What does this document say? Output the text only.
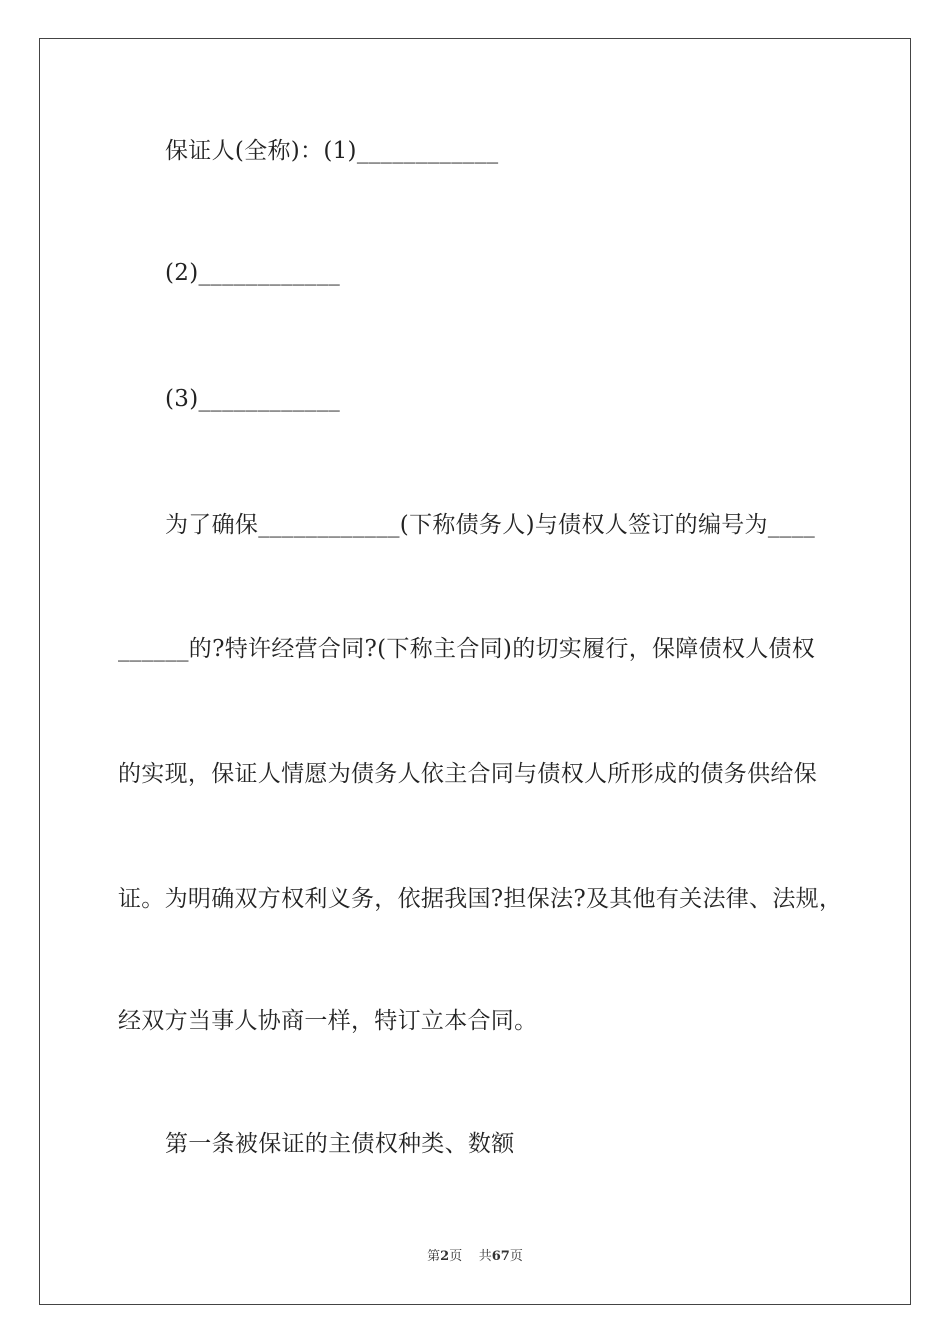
保证人(全称)：(1)____________
(2)____________
(3)____________
为了确保____________(下称债务人)与债权人签订的编号为____
______的?特许经营合同?(下称主合同)的切实履行，保障债权人债权
的实现，保证人情愿为债务人依主合同与债权人所形成的债务供给保
证。为明确双方权利义务，依据我国?担保法?及其他有关法律、法规，
经双方当事人协商一样，特订立本合同。
第一条被保证的主债权种类、数额
第2页 共67页
